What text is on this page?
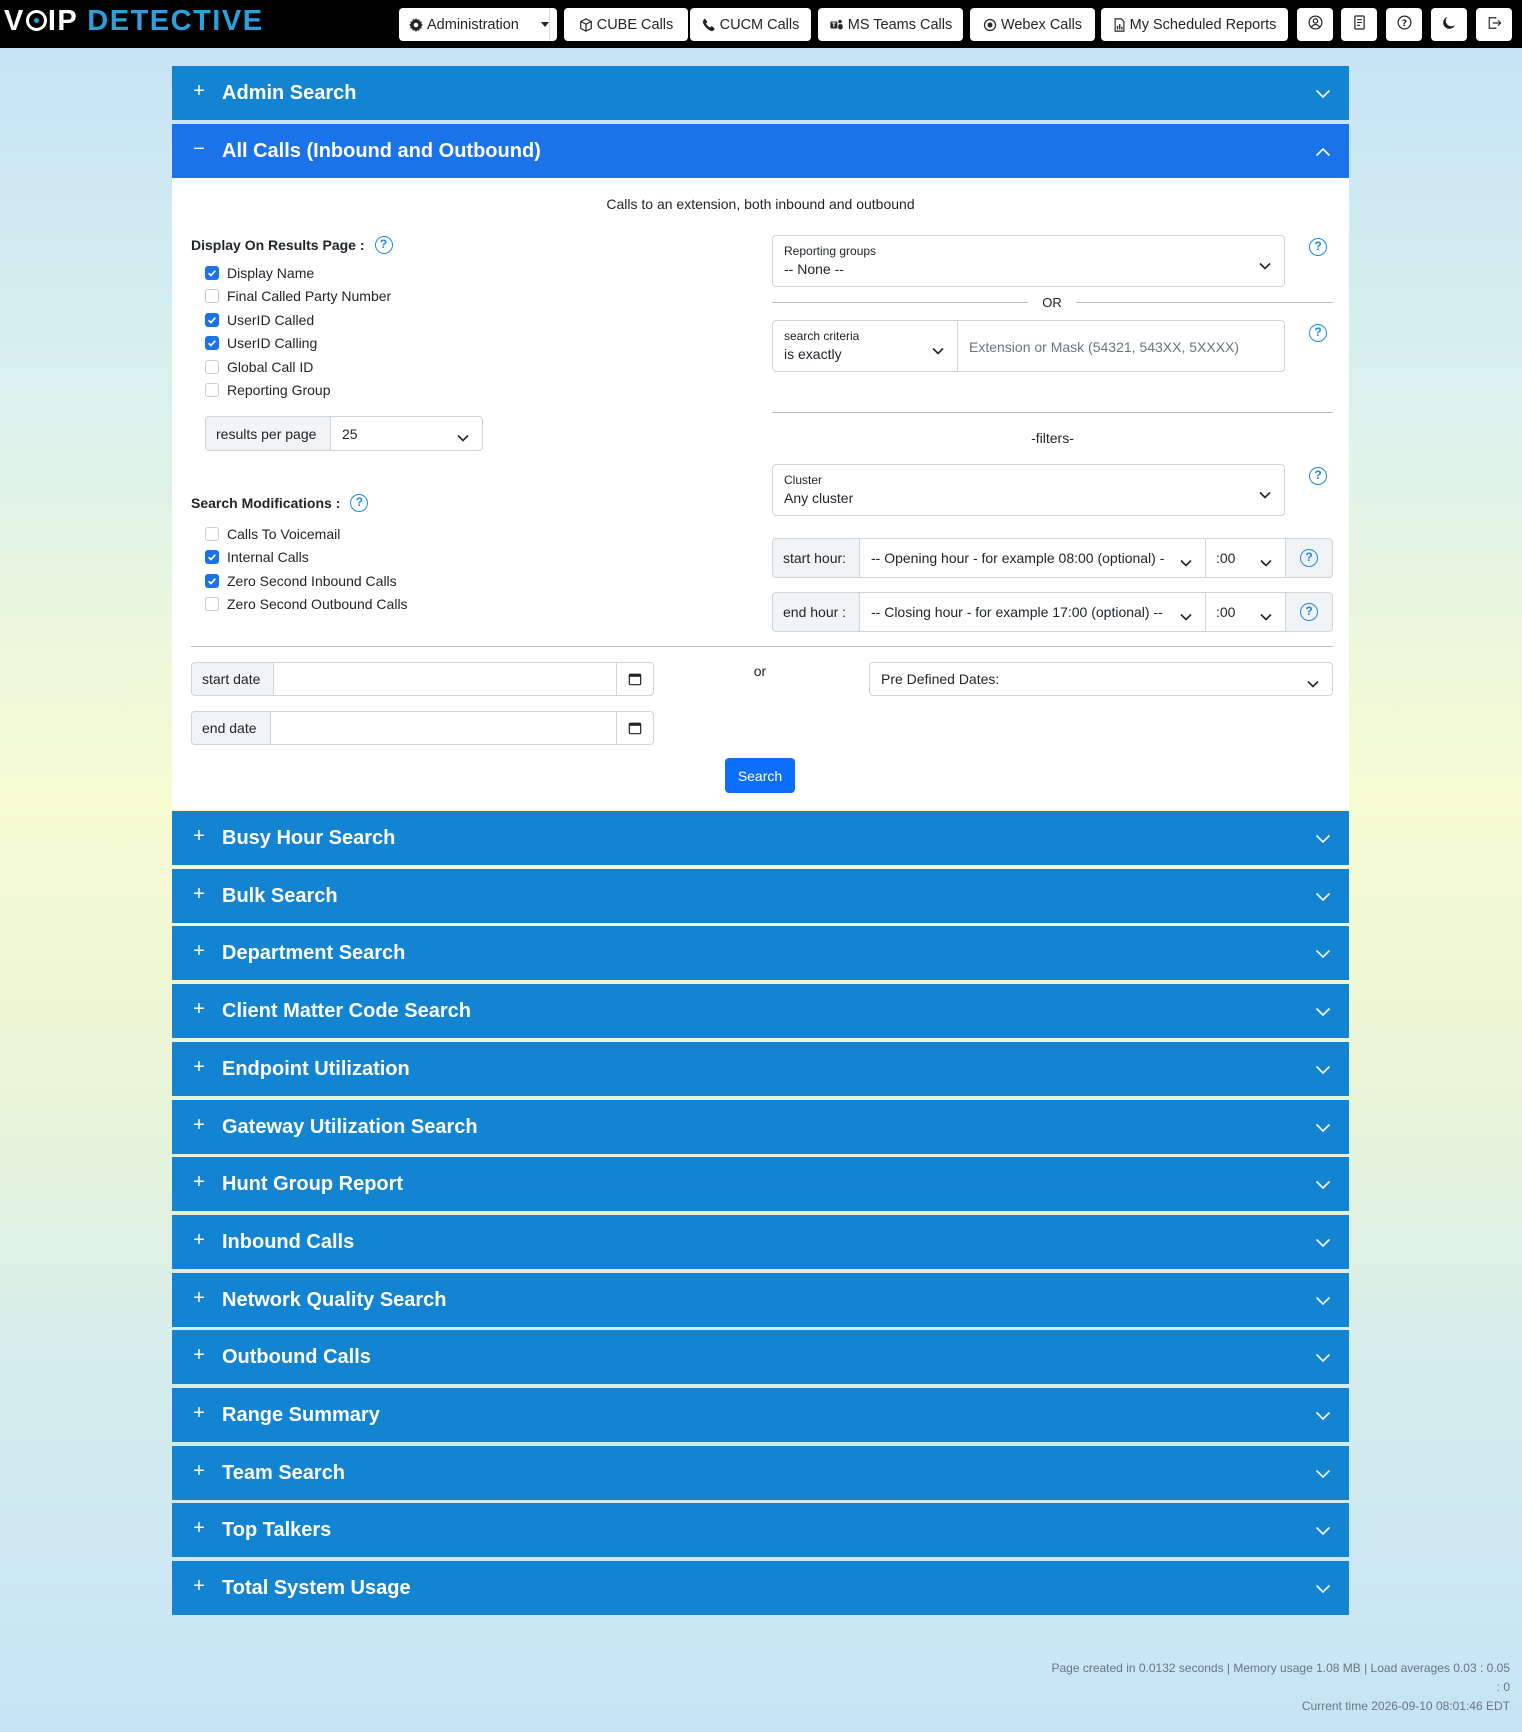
V IP DETECTIVE	Administration	CUBE Calls	CUCM Calls	T MS Teams Calls	Webex Calls	My Scheduled Reports	?
+ Admin Search
− All Calls (Inbound and Outbound)
Calls to an extension, both inbound and outbound
Display On Results Page :	?
Display Name
Final Called Party Number
UserID Called
UserID Calling
Global Call ID
Reporting Group
results per page	25
Search Modifications :	?
Calls To Voicemail
Internal Calls
Zero Second Inbound Calls
Zero Second Outbound Calls
Reporting groups
-- None --
?
OR
search criteria
is exactly	Extension or Mask (54321, 543XX, 5XXXX)
?
-filters-
Cluster
Any cluster
?
start hour:	-- Opening hour - for example 08:00 (optional) -	:00	?
end hour :	-- Closing hour - for example 17:00 (optional) --	:00	?
start date
end date
or	Pre Defined Dates:
Search
+ Busy Hour Search
+ Bulk Search
+ Department Search
+ Client Matter Code Search
+ Endpoint Utilization
+ Gateway Utilization Search
+ Hunt Group Report
+ Inbound Calls
+ Network Quality Search
+ Outbound Calls
+ Range Summary
+ Team Search
+ Top Talkers
+ Total System Usage
Page created in 0.0132 seconds | Memory usage 1.08 MB | Load averages 0.03 : 0.05
: 0
Current time 2026-09-10 08:01:46 EDT
